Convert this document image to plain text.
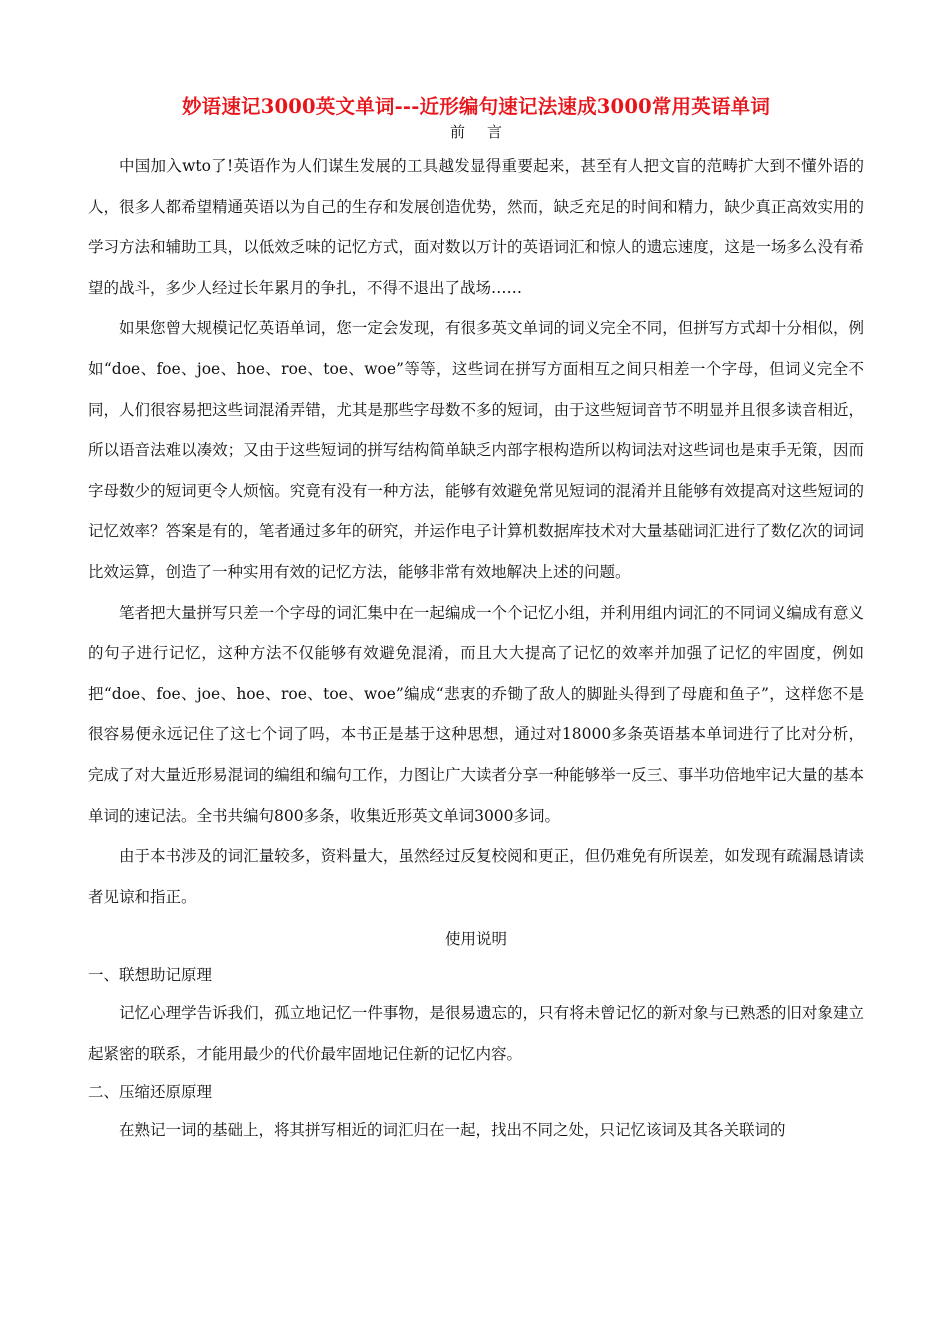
妙语速记3000英文单词---近形编句速记法速成3000常用英语单词
前言

中国加入wto了!英语作为人们谋生发展的工具越发显得重要起来，甚至有人把文盲的范畴扩大到不懂外语的人，很多人都希望精通英语以为自己的生存和发展创造优势，然而，缺乏充足的时间和精力，缺少真正高效实用的学习方法和辅助工具，以低效乏味的记忆方式，面对数以万计的英语词汇和惊人的遗忘速度，这是一场多么没有希望的战斗，多少人经过长年累月的争扎，不得不退出了战场……

如果您曾大规模记忆英语单词，您一定会发现，有很多英文单词的词义完全不同，但拼写方式却十分相似，例如“doe、foe、joe、hoe、roe、toe、woe”等等，这些词在拼写方面相互之间只相差一个字母，但词义完全不同，人们很容易把这些词混淆弄错，尤其是那些字母数不多的短词，由于这些短词音节不明显并且很多读音相近，所以语音法难以凑效；又由于这些短词的拼写结构简单缺乏内部字根构造所以构词法对这些词也是束手无策，因而字母数少的短词更令人烦恼。究竟有没有一种方法，能够有效避免常见短词的混淆并且能够有效提高对这些短词的记忆效率？答案是有的，笔者通过多年的研究，并运作电子计算机数据库技术对大量基础词汇进行了数亿次的词词比效运算，创造了一种实用有效的记忆方法，能够非常有效地解决上述的问题。

笔者把大量拼写只差一个字母的词汇集中在一起编成一个个记忆小组，并利用组内词汇的不同词义编成有意义的句子进行记忆，这种方法不仅能够有效避免混淆，而且大大提高了记忆的效率并加强了记忆的牢固度，例如把“doe、foe、joe、hoe、roe、toe、woe”编成“悲衷的乔锄了敌人的脚趾头得到了母鹿和鱼子”，这样您不是很容易便永远记住了这七个词了吗，本书正是基于这种思想，通过对18000多条英语基本单词进行了比对分析，完成了对大量近形易混词的编组和编句工作，力图让广大读者分享一种能够举一反三、事半功倍地牢记大量的基本单词的速记法。全书共编句800多条，收集近形英文单词3000多词。

由于本书涉及的词汇量较多，资料量大，虽然经过反复校阅和更正，但仍难免有所误差，如发现有疏漏恳请读者见谅和指正。

使用说明
一、联想助记原理

记忆心理学告诉我们，孤立地记忆一件事物，是很易遗忘的，只有将未曾记忆的新对象与已熟悉的旧对象建立起紧密的联系，才能用最少的代价最牢固地记住新的记忆内容。

二、压缩还原原理

在熟记一词的基础上，将其拼写相近的词汇归在一起，找出不同之处，只记忆该词及其各关联词的
